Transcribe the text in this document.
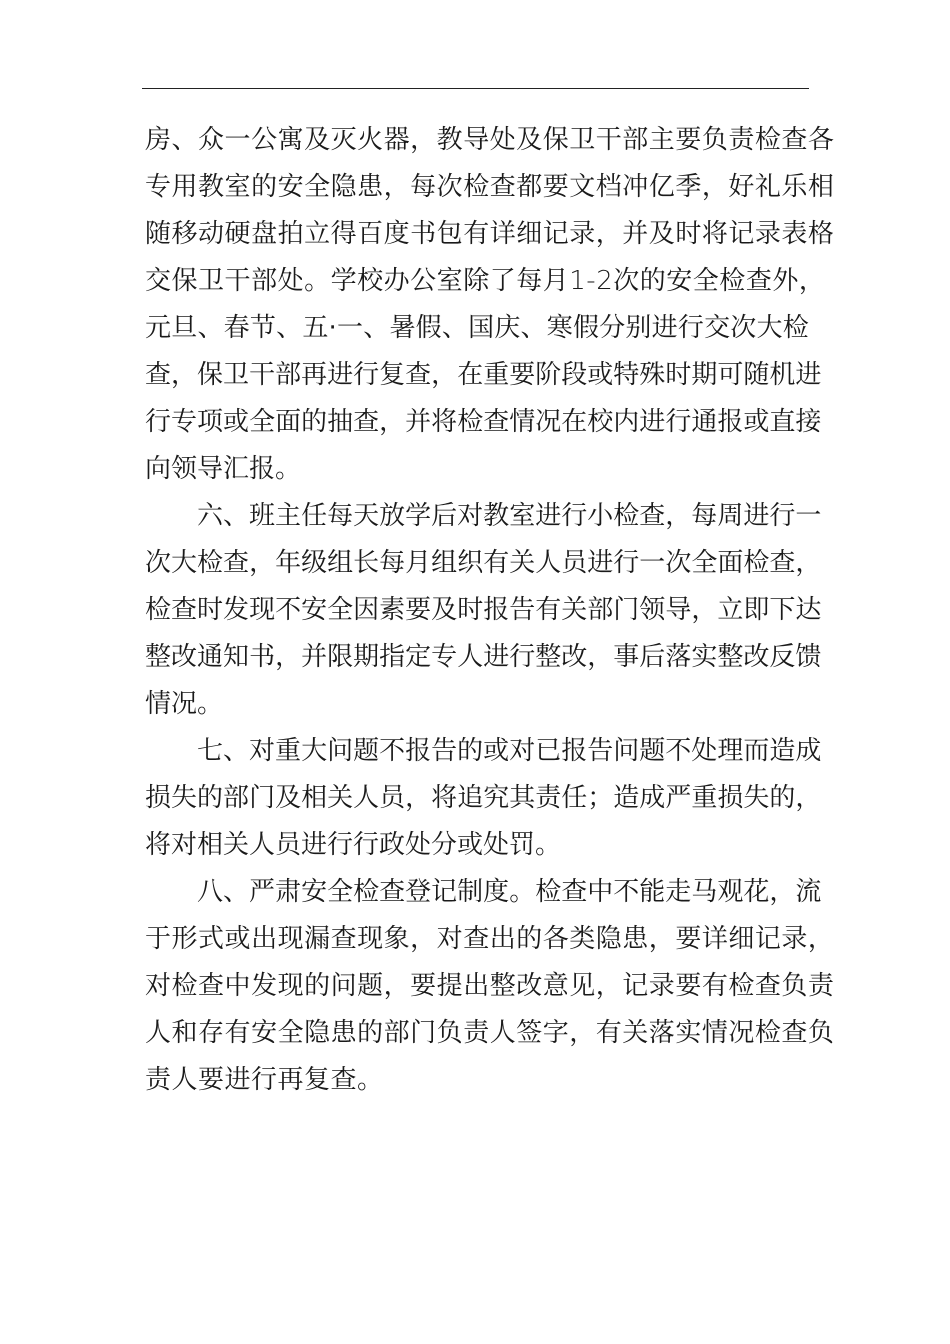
房 、 众 一 公 寓 及 灭 火 器 ， 教 导 处 及 保 卫 干 部 主 要 负 责 检 查 各
专 用 教 室 的 安 全 隐 患 ， 每 次 检 查 都 要 文 档 冲 亿 季 ， 好 礼 乐 相
随 移 动 硬 盘 拍 立 得 百 度 书 包 有 详 细 记 录 ， 并 及 时 将 记 录 表 格
交 保 卫 干 部 处 。 学 校 办 公 室 除 了 每 月 1 - 2 次 的 安 全 检 查 外 ，
元 旦 、 春 节 、 五 · 一 、 暑 假 、 国 庆 、 寒 假 分 别 进 行 交 次 大 检
查 ， 保 卫 干 部 再 进 行 复 查 ， 在 重 要 阶 段 或 特 殊 时 期 可 随 机 进
行 专 项 或 全 面 的 抽 查 ， 并 将 检 查 情 况 在 校 内 进 行 通 报 或 直 接
向领导汇报。
六 、 班 主 任 每 天 放 学 后 对 教 室 进 行 小 检 查 ， 每 周 进 行 一
次 大 检 查 ， 年 级 组 长 每 月 组 织 有 关 人 员 进 行 一 次 全 面 检 查 ，
检 查 时 发 现 不 安 全 因 素 要 及 时 报 告 有 关 部 门 领 导 ， 立 即 下 达
整 改 通 知 书 ， 并 限 期 指 定 专 人 进 行 整 改 ， 事 后 落 实 整 改 反 馈
情况。
七 、 对 重 大 问 题 不 报 告 的 或 对 已 报 告 问 题 不 处 理 而 造 成
损 失 的 部 门 及 相 关 人 员 ， 将 追 究 其 责 任 ； 造 成 严 重 损 失 的 ，
将对相关人员进行行政处分或处罚。
八 、 严 肃 安 全 检 查 登 记 制 度 。 检 查 中 不 能 走 马 观 花 ， 流
于 形 式 或 出 现 漏 查 现 象 ， 对 查 出 的 各 类 隐 患 ， 要 详 细 记 录 ，
对 检 查 中 发 现 的 问 题 ， 要 提 出 整 改 意 见 ， 记 录 要 有 检 查 负 责
人 和 存 有 安 全 隐 患 的 部 门 负 责 人 签 字 ， 有 关 落 实 情 况 检 查 负
责人要进行再复查。
